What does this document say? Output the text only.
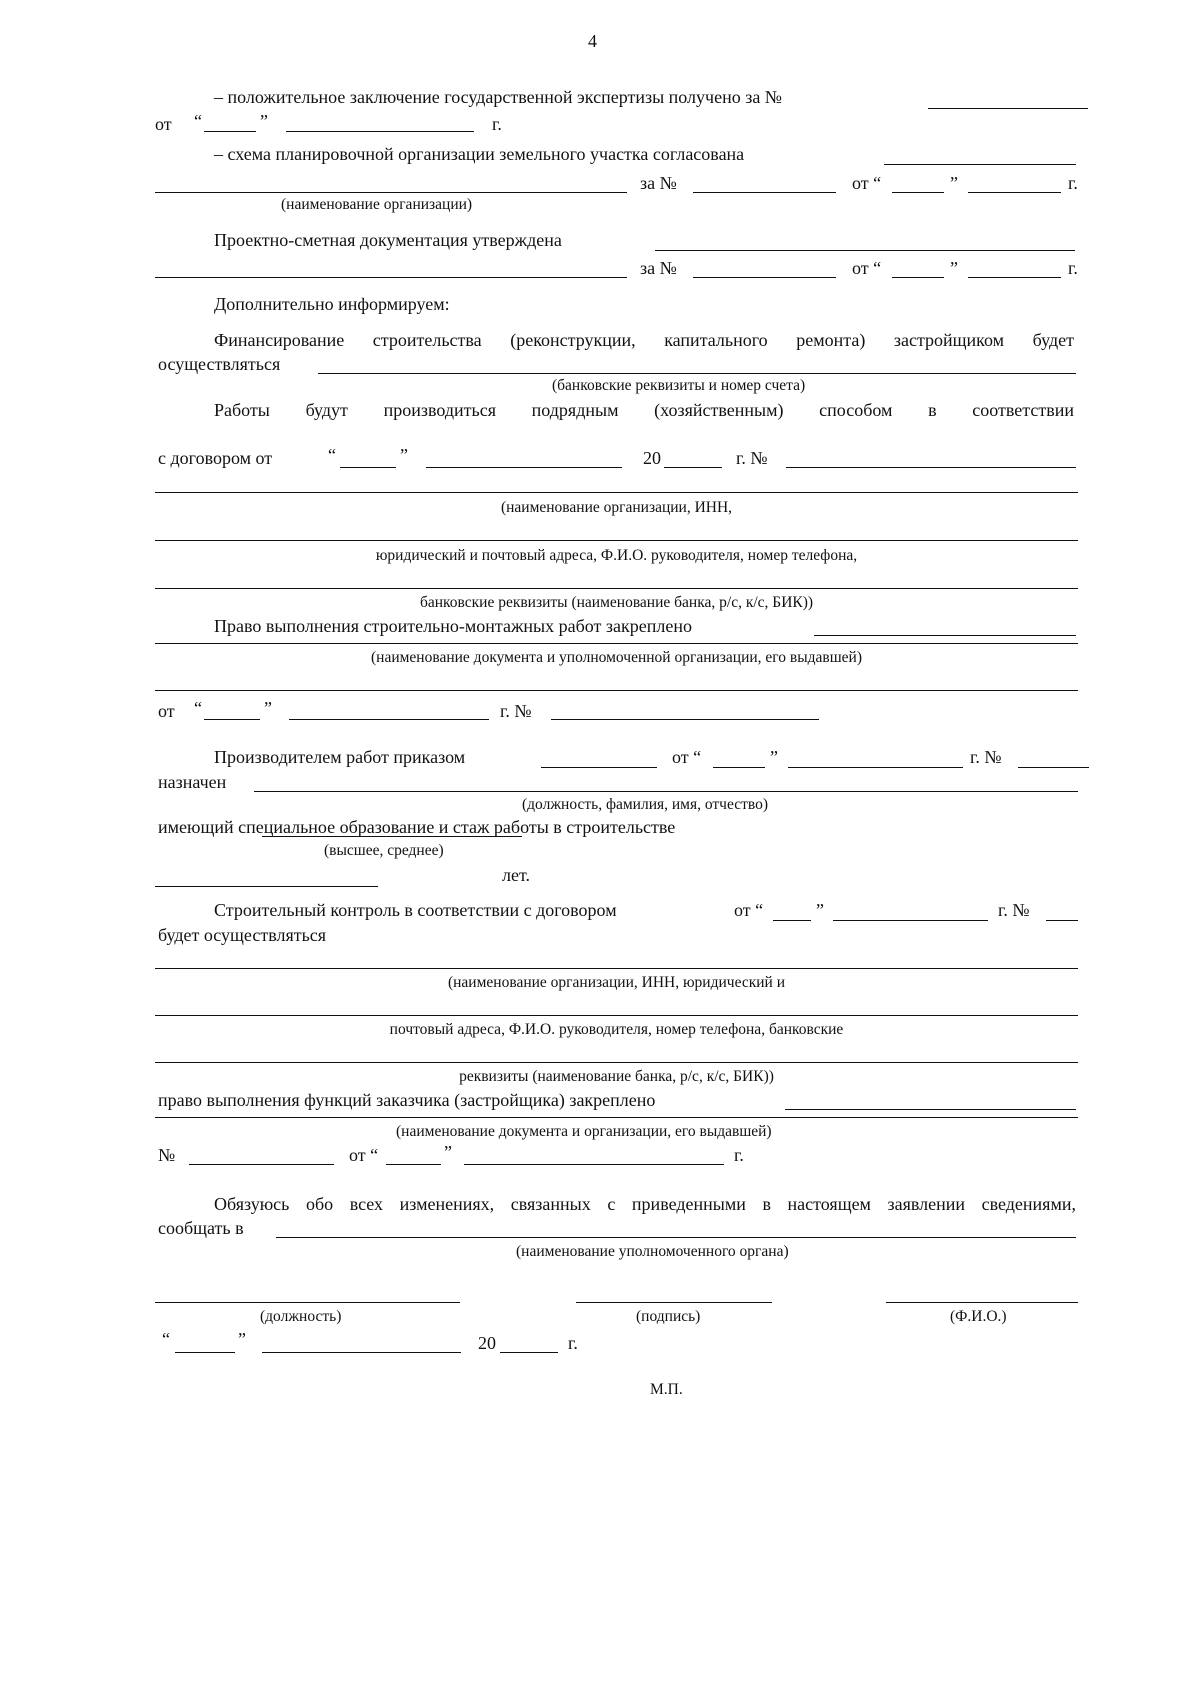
4
– положительное заключение государственной экспертизы получено за №
от “	”	г.
– схема планировочной организации земельного участка согласована
за №	от “	”	г.
(наименование организации)
Проектно-сметная документация утверждена
за №	от “	”	г.
Дополнительно информируем:
Финансирование строительства (реконструкции, капитального ремонта) застройщиком будет
осуществляться
(банковские реквизиты и номер счета)
Работы будут производиться подрядным (хозяйственным) способом в соответствии
с договором от	“	”	20	г. №
(наименование организации, ИНН,
юридический и почтовый адреса, Ф.И.О. руководителя, номер телефона,
банковские реквизиты (наименование банка, р/с, к/с, БИК))
Право выполнения строительно-монтажных работ закреплено
(наименование документа и уполномоченной организации, его выдавшей)
от “	”	г. №
Производителем работ приказом	от “	”	г. №
назначен
(должность, фамилия, имя, отчество)
имеющий специальное образование и стаж работы в строительстве
(высшее, среднее)
лет.
Строительный контроль в соответствии с договором	от “	”	г. №
будет осуществляться
(наименование организации, ИНН, юридический и
почтовый адреса, Ф.И.О. руководителя, номер телефона, банковские
реквизиты (наименование банка, р/с, к/с, БИК))
право выполнения функций заказчика (застройщика) закреплено
(наименование документа и организации, его выдавшей)
№	от “	”	г.
Обязуюсь обо всех изменениях, связанных с приведенными в настоящем заявлении сведениями,
сообщать в
(наименование уполномоченного органа)
(должность)	(подпись)	(Ф.И.О.)
“	”	20	г.
М.П.
